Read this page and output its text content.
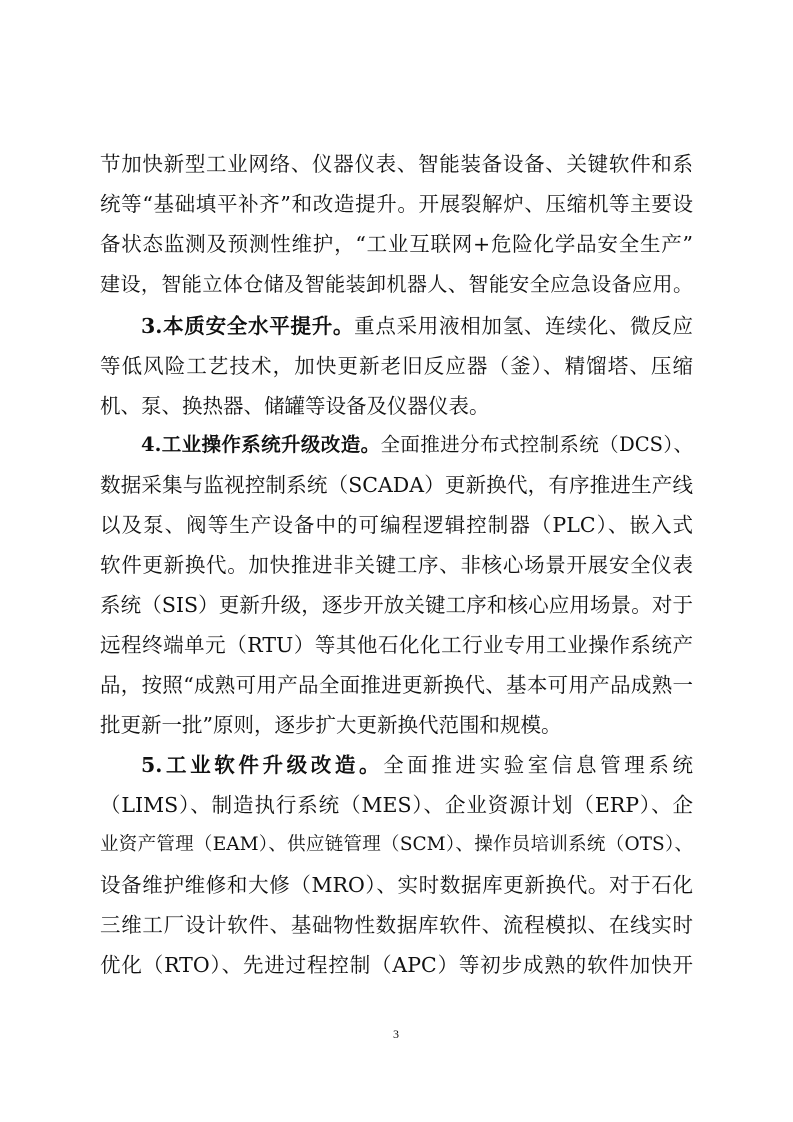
节加快新型工业网络、仪器仪表、智能装备设备、关键软件和系
统等“基础填平补齐”和改造提升。开展裂解炉、压缩机等主要设
备状态监测及预测性维护，“工业互联网+危险化学品安全生产”
建设，智能立体仓储及智能装卸机器人、智能安全应急设备应用。
3.本质安全水平提升。重点采用液相加氢、连续化、微反应
等低风险工艺技术，加快更新老旧反应器（釜）、精馏塔、压缩
机、泵、换热器、储罐等设备及仪器仪表。
4.工业操作系统升级改造。全面推进分布式控制系统（DCS）、
数据采集与监视控制系统（SCADA）更新换代，有序推进生产线
以及泵、阀等生产设备中的可编程逻辑控制器（PLC）、嵌入式
软件更新换代。加快推进非关键工序、非核心场景开展安全仪表
系统（SIS）更新升级，逐步开放关键工序和核心应用场景。对于
远程终端单元（RTU）等其他石化化工行业专用工业操作系统产
品，按照“成熟可用产品全面推进更新换代、基本可用产品成熟一
批更新一批”原则，逐步扩大更新换代范围和规模。
5.工业软件升级改造。全面推进实验室信息管理系统
（LIMS）、制造执行系统（MES）、企业资源计划（ERP）、企
业资产管理（EAM）、供应链管理（SCM）、操作员培训系统（OTS）、
设备维护维修和大修（MRO）、实时数据库更新换代。对于石化
三维工厂设计软件、基础物性数据库软件、流程模拟、在线实时
优化（RTO）、先进过程控制（APC）等初步成熟的软件加快开
3
